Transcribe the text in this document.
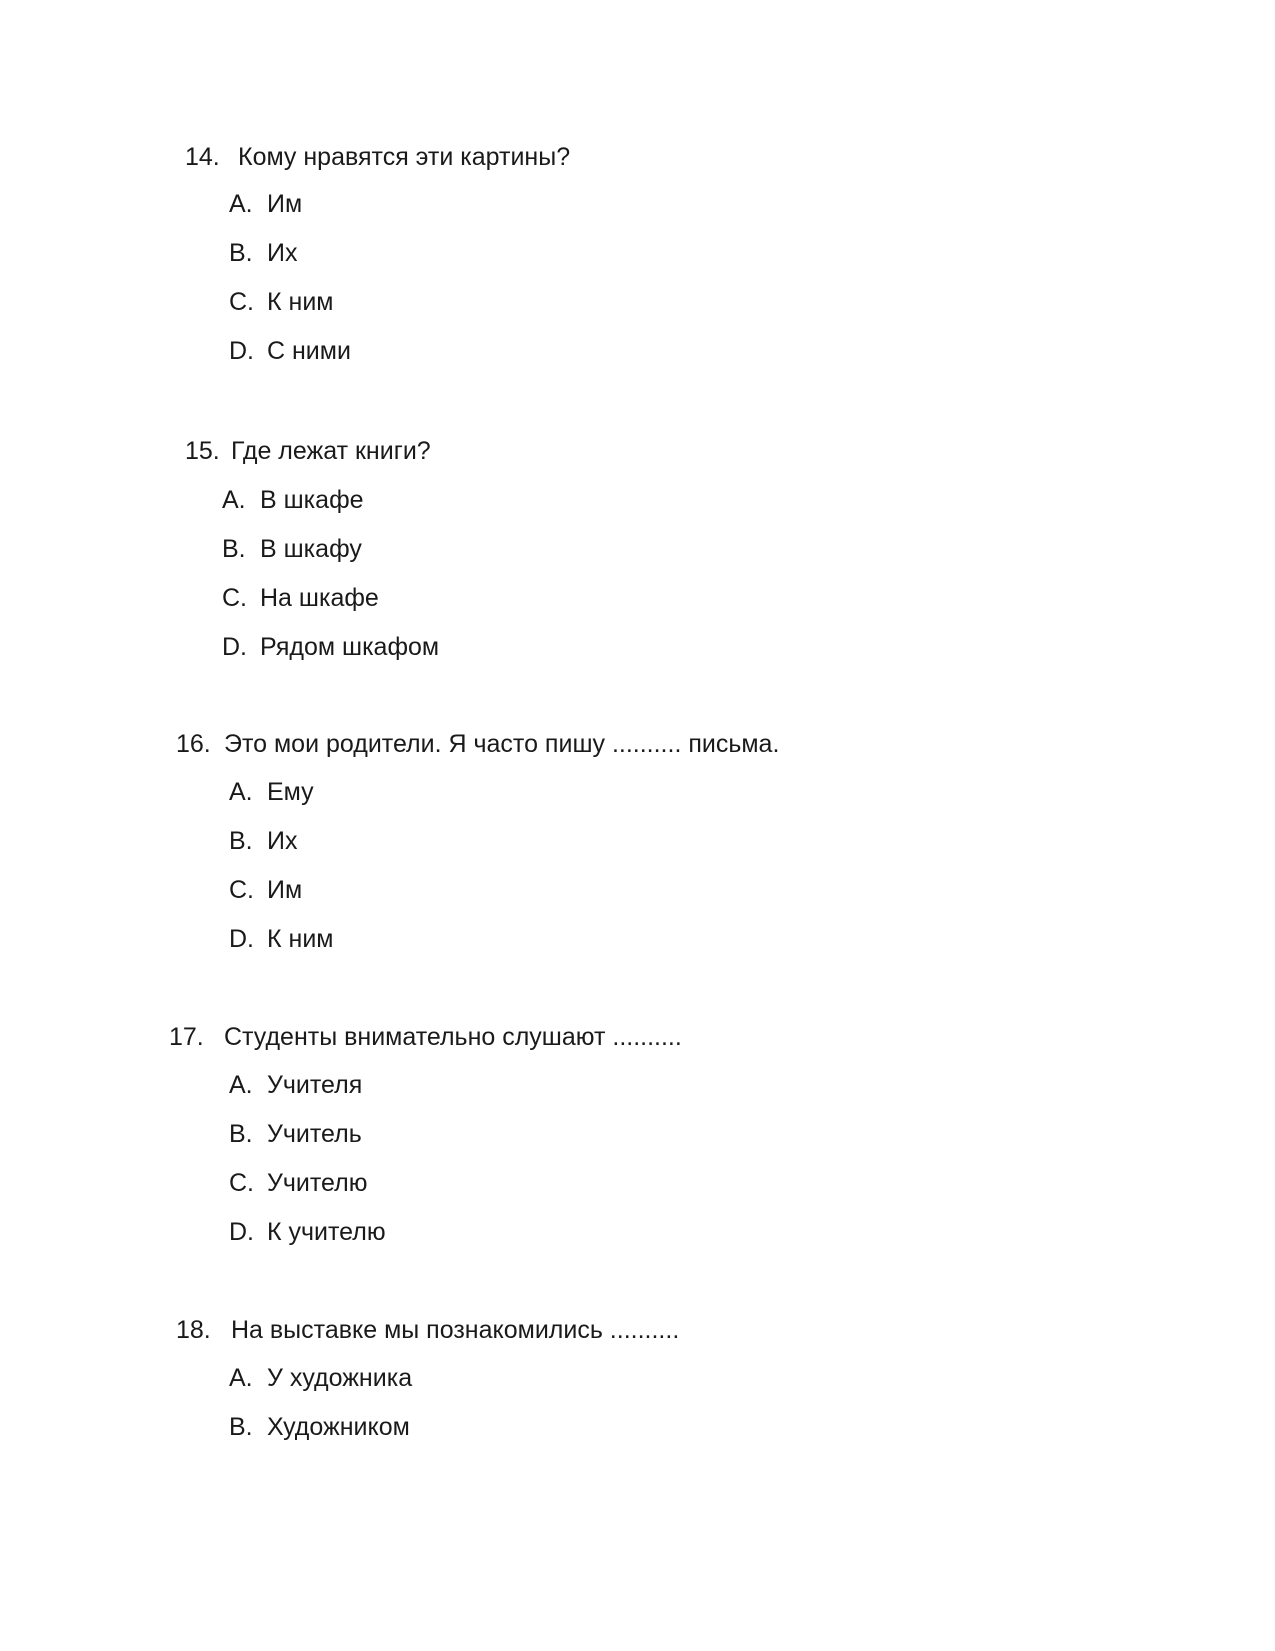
14. Кому нравятся эти картины?
A. Им
B. Их
C. К ним
D. С ними
15. Где лежат книги?
A. В шкафе
B. В шкафу
C. На шкафе
D. Рядом шкафом
16. Это мои родители. Я часто пишу .......... письма.
A. Ему
B. Их
C. Им
D. К ним
17. Студенты внимательно слушают ..........
A. Учителя
B. Учитель
C. Учителю
D. К учителю
18. На выставке мы познакомились ..........
A. У художника
B. Художником
